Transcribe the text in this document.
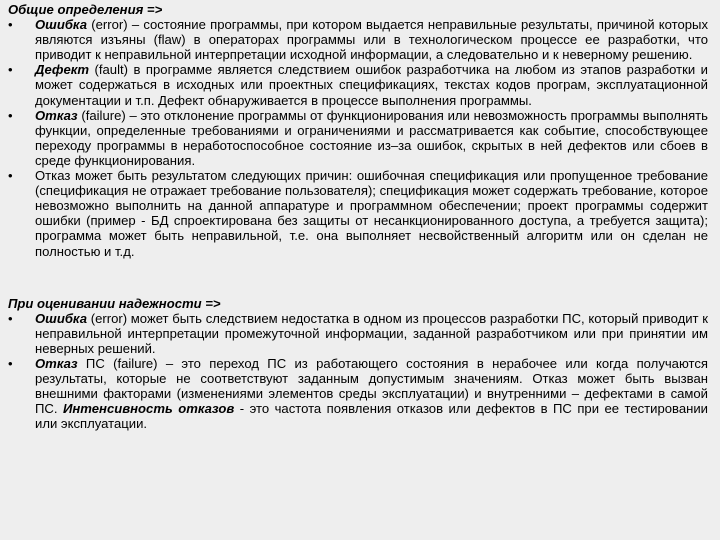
Общие определения =>

• Ошибка (error) – состояние программы, при котором выдается неправильные результаты, причиной которых являются изъяны (flaw) в операторах программы или в технологическом процессе ее разработки, что приводит к неправильной интерпретации исходной информации, а следовательно и к неверному решению.
• Дефект (fault) в программе является следствием ошибок разработчика на любом из этапов разработки и может содержаться в исходных или проектных спецификациях, текстах кодов програм, эксплуатационной документации и т.п. Дефект обнаруживается в процессе выполнения программы.
• Отказ (failure) – это отклонение программы от функционирования или невозможность программы выполнять функции, определенные требованиями и ограничениями и рассматривается как событие, способствующее переходу программы в неработоспособное состояние из–за ошибок, скрытых в ней дефектов или сбоев в среде функционирования.
• Отказ может быть результатом следующих причин: ошибочная спецификация или пропущенное требование (спецификация не отражает требование пользователя); спецификация может содержать требование, которое невозможно выполнить на данной аппаратуре и программном обеспечении; проект программы содержит ошибки (пример - БД спроектирована без защиты от несанкционированного доступа, а требуется защита); программа может быть неправильной, т.е. она выполняет несвойственный алгоритм или он сделан не полностью и т.д.

При оценивании надежности =>

• Ошибка (error) может быть следствием недостатка в одном из процессов разработки ПС, который приводит к неправильной интерпретации промежуточной информации, заданной разработчиком или при принятии им неверных решений.
• Отказ ПС (failure) – это переход ПС из работающего состояния в нерабочее или когда получаются результаты, которые не соответствуют заданным допустимым значениям. Отказ может быть вызван внешними факторами (изменениями элементов среды эксплуатации) и внутренними – дефектами в самой ПС. Интенсивность отказов - это частота появления отказов или дефектов в ПС при ее тестировании или эксплуатации.
